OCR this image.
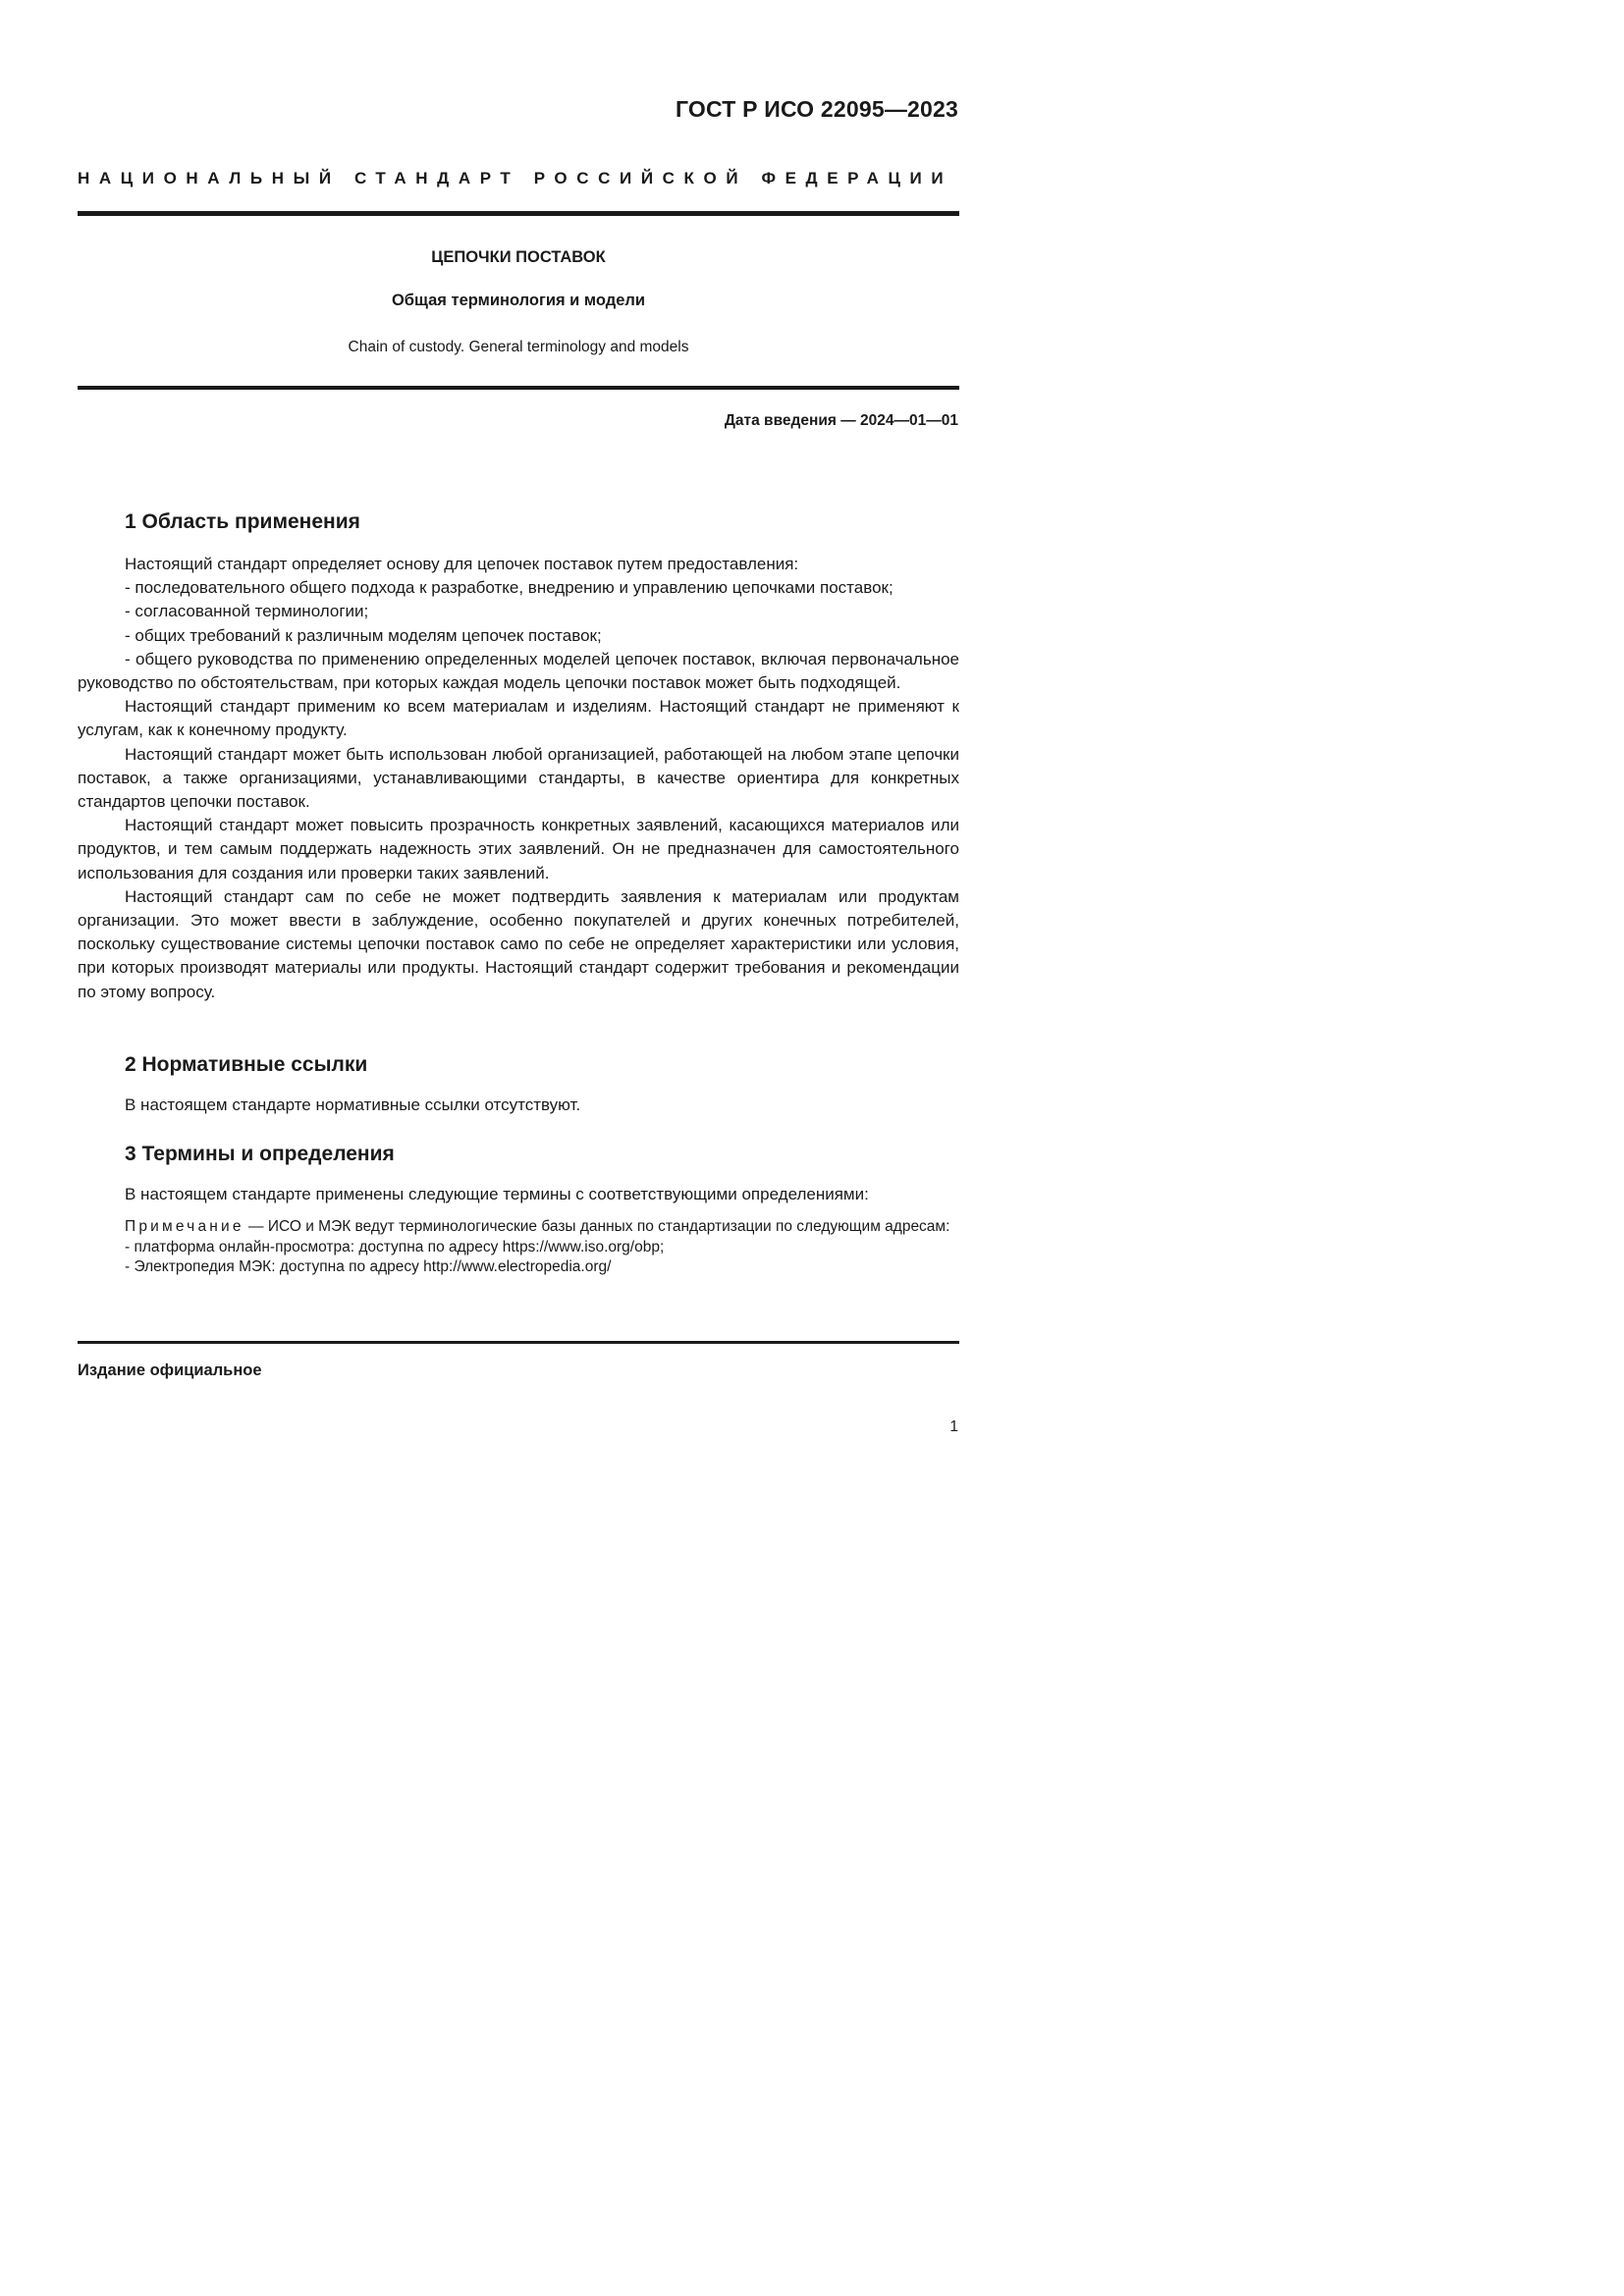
ГОСТ Р ИСО 22095—2023
НАЦИОНАЛЬНЫЙ СТАНДАРТ РОССИЙСКОЙ ФЕДЕРАЦИИ
ЦЕПОЧКИ ПОСТАВОК
Общая терминология и модели
Chain of custody. General terminology and models
Дата введения — 2024—01—01
1 Область применения

Настоящий стандарт определяет основу для цепочек поставок путем предоставления:

- последовательного общего подхода к разработке, внедрению и управлению цепочками поставок;

- согласованной терминологии;

- общих требований к различным моделям цепочек поставок;

- общего руководства по применению определенных моделей цепочек поставок, включая первоначальное руководство по обстоятельствам, при которых каждая модель цепочки поставок может быть подходящей.

Настоящий стандарт применим ко всем материалам и изделиям. Настоящий стандарт не применяют к услугам, как к конечному продукту.

Настоящий стандарт может быть использован любой организацией, работающей на любом этапе цепочки поставок, а также организациями, устанавливающими стандарты, в качестве ориентира для конкретных стандартов цепочки поставок.

Настоящий стандарт может повысить прозрачность конкретных заявлений, касающихся материалов или продуктов, и тем самым поддержать надежность этих заявлений. Он не предназначен для самостоятельного использования для создания или проверки таких заявлений.

Настоящий стандарт сам по себе не может подтвердить заявления к материалам или продуктам организации. Это может ввести в заблуждение, особенно покупателей и других конечных потребителей, поскольку существование системы цепочки поставок само по себе не определяет характеристики или условия, при которых производят материалы или продукты. Настоящий стандарт содержит требования и рекомендации по этому вопросу.

2 Нормативные ссылки

В настоящем стандарте нормативные ссылки отсутствуют.

3 Термины и определения

В настоящем стандарте применены следующие термины с соответствующими определениями:

Примечание — ИСО и МЭК ведут терминологические базы данных по стандартизации по следующим адресам:

- платформа онлайн-просмотра: доступна по адресу https://www.iso.org/obp;

- Электропедия МЭК: доступна по адресу http://www.electropedia.org/

Издание официальное
1
